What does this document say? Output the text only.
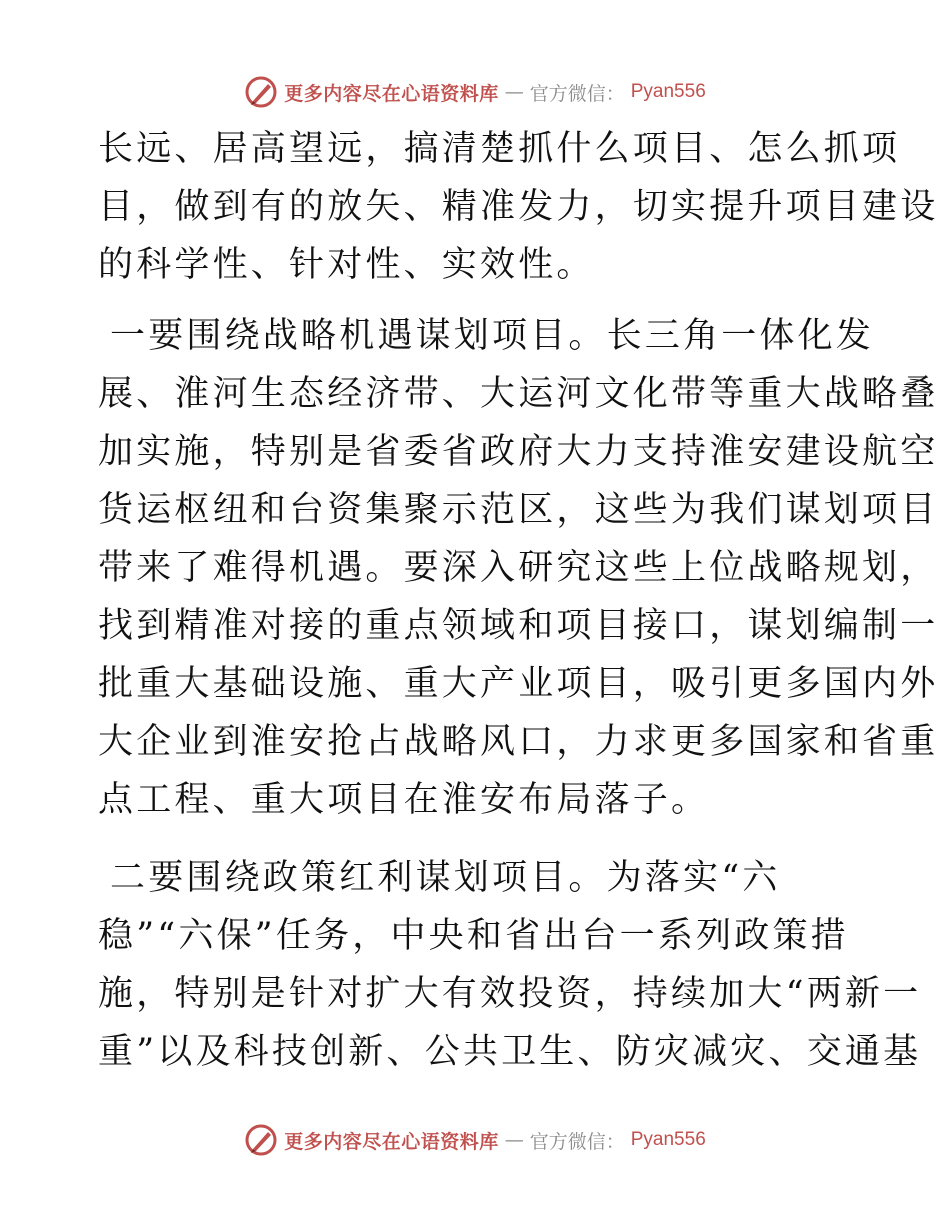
更多内容尽在心语资料库 — 官方微信： Pyan556
长远、居高望远，搞清楚抓什么项目、怎么抓项
目，做到有的放矢、精准发力，切实提升项目建设
的科学性、针对性、实效性。
一要围绕战略机遇谋划项目。长三角一体化发
展、淮河生态经济带、大运河文化带等重大战略叠
加实施，特别是省委省政府大力支持淮安建设航空
货运枢纽和台资集聚示范区，这些为我们谋划项目
带来了难得机遇。要深入研究这些上位战略规划，
找到精准对接的重点领域和项目接口，谋划编制一
批重大基础设施、重大产业项目，吸引更多国内外
大企业到淮安抢占战略风口，力求更多国家和省重
点工程、重大项目在淮安布局落子。
二要围绕政策红利谋划项目。为落实“六
稳”“六保”任务，中央和省出台一系列政策措
施，特别是针对扩大有效投资，持续加大“两新一
重”以及科技创新、公共卫生、防灾减灾、交通基
更多内容尽在心语资料库 — 官方微信： Pyan556
